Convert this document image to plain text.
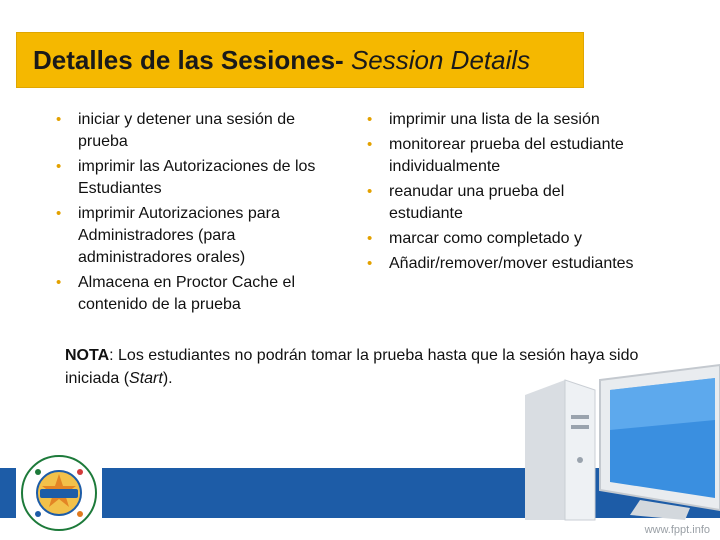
Detalles de las Sesiones- Session Details
• iniciar y detener una sesión de prueba
• imprimir las Autorizaciones de los Estudiantes
• imprimir Autorizaciones para Administradores (para administradores orales)
• Almacena en Proctor Cache el contenido de la prueba
• imprimir una lista de la sesión
• monitorear prueba del estudiante individualmente
• reanudar una prueba del estudiante
• marcar como completado y
• Añadir/remover/mover estudiantes
NOTA: Los estudiantes no podrán tomar la prueba hasta que la sesión haya sido iniciada (Start).
www.fppt.info
